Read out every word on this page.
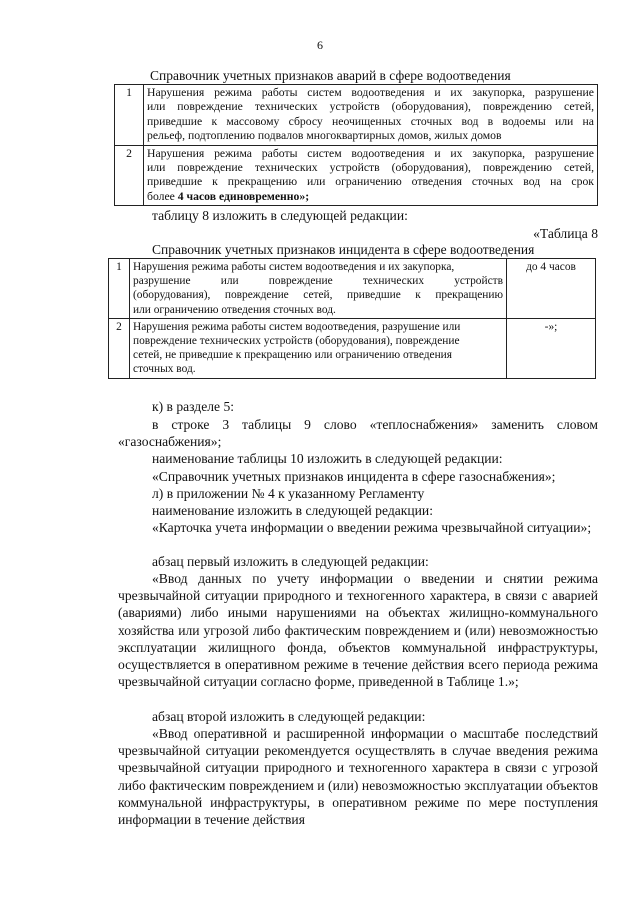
6
Справочник учетных признаков аварий в сфере водоотведения
1	Нарушения режима работы систем водоотведения и их закупорка, разрушение
или повреждение технических устройств (оборудования), повреждению сетей,
приведшие к массовому сбросу неочищенных сточных вод в водоемы или на
рельеф, подтоплению подвалов многоквартирных домов, жилых домов

2	Нарушения режима работы систем водоотведения и их закупорка, разрушение
или повреждение технических устройств (оборудования), повреждению сетей,
приведшие к прекращению или ограничению отведения сточных вод на срок
более 4 часов единовременно»;
таблицу 8 изложить в следующей редакции:
«Таблица 8
Справочник учетных признаков инцидента в сфере водоотведения
1	Нарушения режима работы систем водоотведения и их закупорка,
разрушение или повреждение технических устройств
(оборудования), повреждение сетей, приведшие к прекращению
или ограничению отведения сточных вод.	до 4 часов
2	Нарушения режима работы систем водоотведения, разрушение или
повреждение технических устройств (оборудования), повреждение
сетей, не приведшие к прекращению или ограничению отведения
сточных вод.	-»;
к) в разделе 5:
в строке 3 таблицы 9 слово «теплоснабжения» заменить словом «газоснабжения»;
наименование таблицы 10 изложить в следующей редакции:
«Справочник учетных признаков инцидента в сфере газоснабжения»;
л) в приложении № 4 к указанному Регламенту
наименование изложить в следующей редакции:
«Карточка учета информации о введении режима чрезвычайной ситуации»;
абзац первый изложить в следующей редакции:
«Ввод данных по учету информации о введении и снятии режима чрезвычайной ситуации природного и техногенного характера, в связи с аварией (авариями) либо иными нарушениями на объектах жилищно-коммунального хозяйства или угрозой либо фактическим повреждением и (или) невозможностью эксплуатации жилищного фонда, объектов коммунальной инфраструктуры, осуществляется в оперативном режиме в течение действия всего периода режима чрезвычайной ситуации согласно форме, приведенной в Таблице 1.»;
абзац второй изложить в следующей редакции:
«Ввод оперативной и расширенной информации о масштабе последствий чрезвычайной ситуации рекомендуется осуществлять в случае введения режима чрезвычайной ситуации природного и техногенного характера в связи с угрозой либо фактическим повреждением и (или) невозможностью эксплуатации объектов коммунальной инфраструктуры, в оперативном режиме по мере поступления информации в течение действия
